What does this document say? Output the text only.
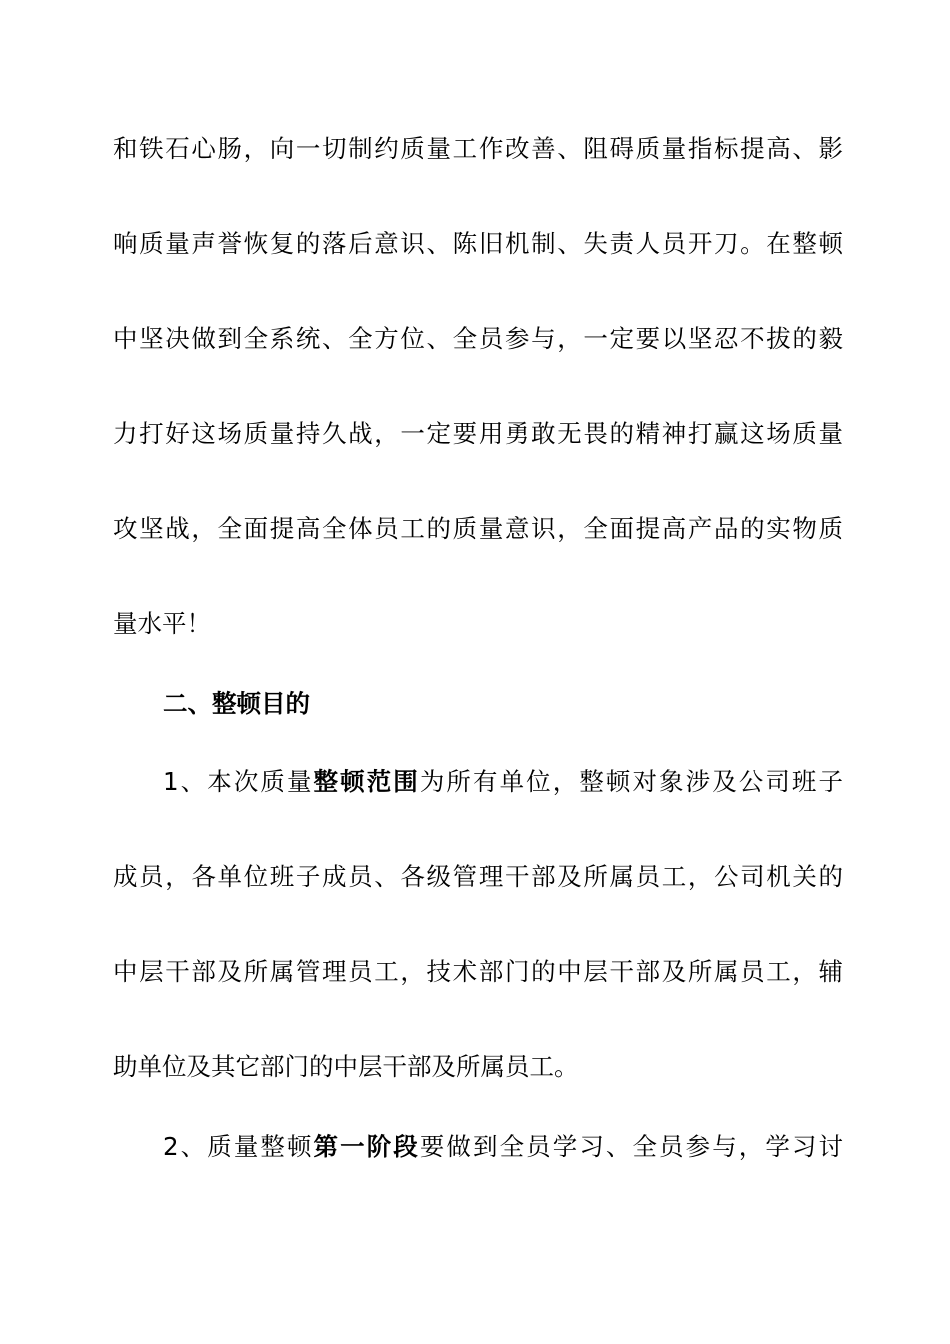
和铁石心肠，向一切制约质量工作改善、阻碍质量指标提高、影
响质量声誉恢复的落后意识、陈旧机制、失责人员开刀。在整顿
中坚决做到全系统、全方位、全员参与，一定要以坚忍不拔的毅
力打好这场质量持久战，一定要用勇敢无畏的精神打赢这场质量
攻坚战，全面提高全体员工的质量意识，全面提高产品的实物质
量水平！
二、整顿目的
1、本次质量整顿范围为所有单位，整顿对象涉及公司班子
成员，各单位班子成员、各级管理干部及所属员工，公司机关的
中层干部及所属管理员工，技术部门的中层干部及所属员工，辅
助单位及其它部门的中层干部及所属员工。
2、质量整顿第一阶段要做到全员学习、全员参与，学习讨
